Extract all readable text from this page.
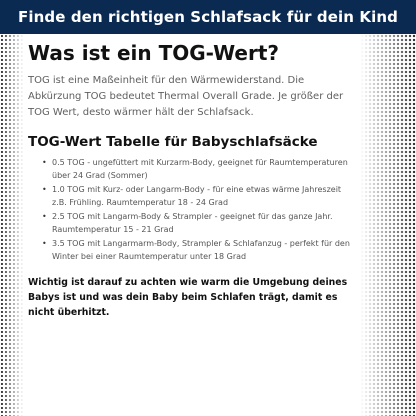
Finde den richtigen Schlafsack für dein Kind
Was ist ein TOG-Wert?

TOG ist eine Maßeinheit für den Wärmewiderstand. Die Abkürzung TOG bedeutet Thermal Overall Grade. Je größer der TOG Wert, desto wärmer hält der Schlafsack.

TOG-Wert Tabelle für Babyschlafsäcke
• 0.5 TOG - ungefüttert mit Kurzarm-Body, geeignet für Raumtemperaturen über 24 Grad (Sommer)
• 1.0 TOG mit Kurz- oder Langarm-Body - für eine etwas wärme Jahreszeit z.B. Frühling. Raumtemperatur 18 - 24 Grad
• 2.5 TOG mit Langarm-Body & Strampler - geeignet für das ganze Jahr. Raumtemperatur 15 - 21 Grad
• 3.5 TOG mit Langarmarm-Body, Strampler & Schlafanzug - perfekt für den Winter bei einer Raumtemperatur unter 18 Grad

Wichtig ist darauf zu achten wie warm die Umgebung deines Babys ist und was dein Baby beim Schlafen trägt, damit es nicht überhitzt.
